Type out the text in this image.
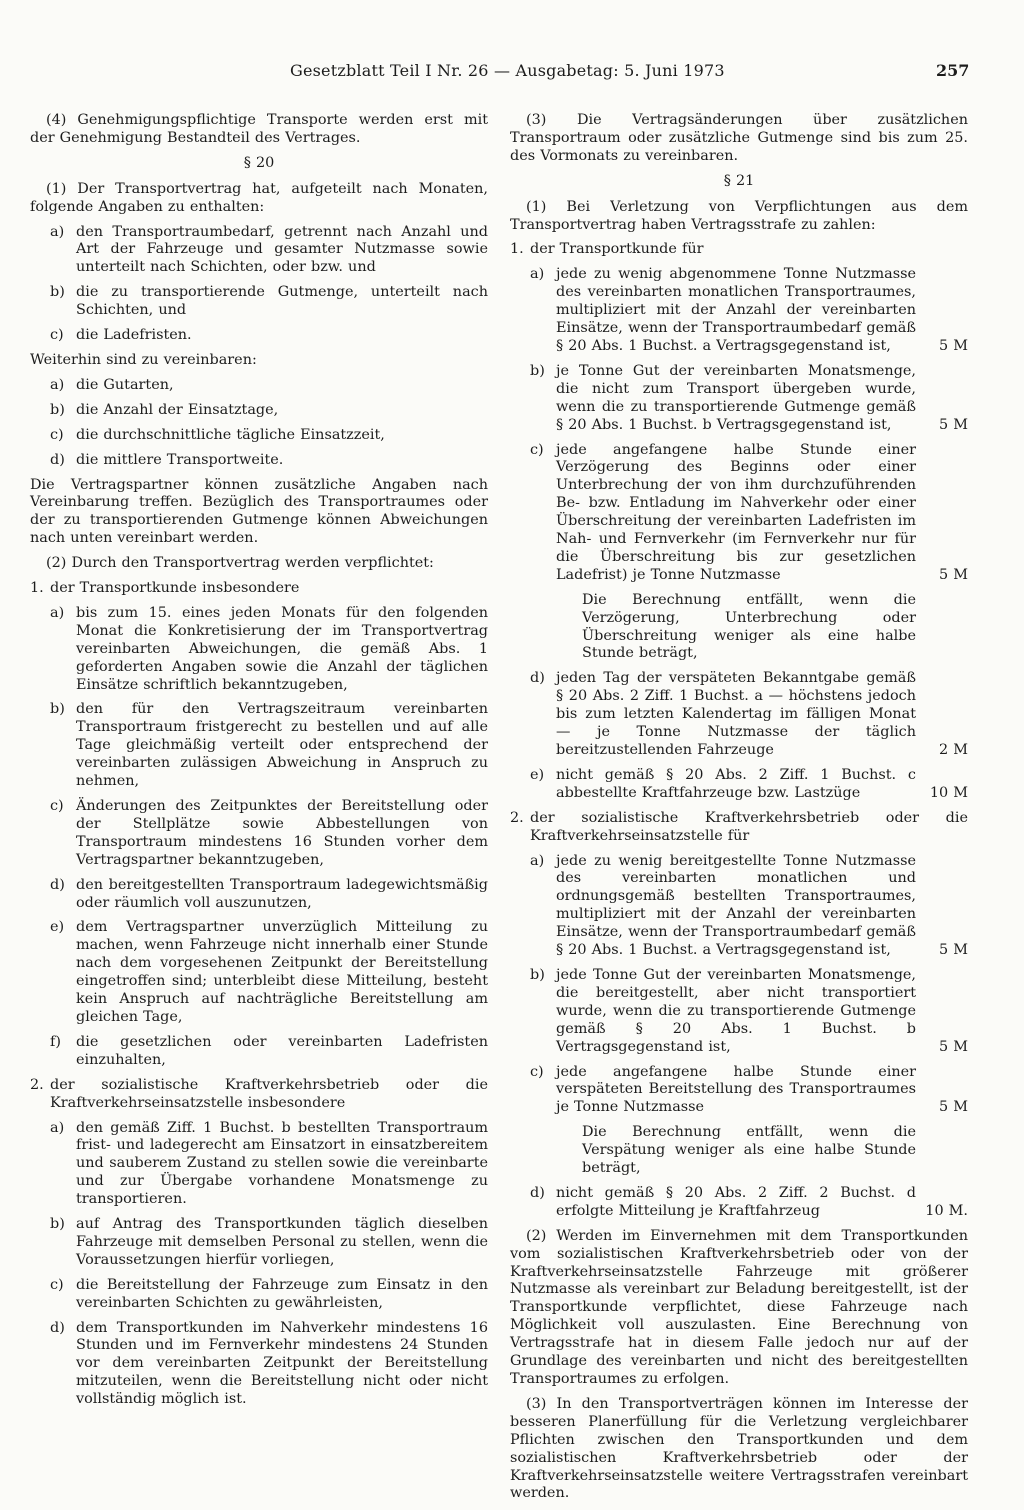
Gesetzblatt Teil I Nr. 26 — Ausgabetag: 5. Juni 1973	257
(4) Genehmigungspflichtige Transporte werden erst mit der Genehmigung Bestandteil des Vertrages.
§ 20
(1) Der Transportvertrag hat, aufgeteilt nach Monaten, folgende Angaben zu enthalten:
a) den Transportraumbedarf, getrennt nach Anzahl und Art der Fahrzeuge und gesamter Nutzmasse sowie unterteilt nach Schichten, oder bzw. und
b) die zu transportierende Gutmenge, unterteilt nach Schichten, und
c) die Ladefristen.
Weiterhin sind zu vereinbaren:
a) die Gutarten,
b) die Anzahl der Einsatztage,
c) die durchschnittliche tägliche Einsatzzeit,
d) die mittlere Transportweite.
Die Vertragspartner können zusätzliche Angaben nach Vereinbarung treffen. Bezüglich des Transportraumes oder der zu transportierenden Gutmenge können Abweichungen nach unten vereinbart werden.
(2) Durch den Transportvertrag werden verpflichtet:
1. der Transportkunde insbesondere
a) bis zum 15. eines jeden Monats für den folgenden Monat die Konkretisierung der im Transportvertrag vereinbarten Abweichungen, die gemäß Abs. 1 geforderten Angaben sowie die Anzahl der täglichen Einsätze schriftlich bekanntzugeben,
b) den für den Vertragszeitraum vereinbarten Transportraum fristgerecht zu bestellen und auf alle Tage gleichmäßig verteilt oder entsprechend der vereinbarten zulässigen Abweichung in Anspruch zu nehmen,
c) Änderungen des Zeitpunktes der Bereitstellung oder der Stellplätze sowie Abbestellungen von Transportraum mindestens 16 Stunden vorher dem Vertragspartner bekanntzugeben,
d) den bereitgestellten Transportraum ladegewichtsmäßig oder räumlich voll auszunutzen,
e) dem Vertragspartner unverzüglich Mitteilung zu machen, wenn Fahrzeuge nicht innerhalb einer Stunde nach dem vorgesehenen Zeitpunkt der Bereitstellung eingetroffen sind; unterbleibt diese Mitteilung, besteht kein Anspruch auf nachträgliche Bereitstellung am gleichen Tage,
f)	die gesetzlichen oder vereinbarten Ladefristen einzuhalten,
2. der sozialistische Kraftverkehrsbetrieb oder die Kraftverkehrseinsatzstelle insbesondere
a) den gemäß Ziff. 1 Buchst. b bestellten Transportraum frist- und ladegerecht am Einsatzort in einsatzbereitem und sauberem Zustand zu stellen sowie die vereinbarte und zur Übergabe vorhandene Monatsmenge zu transportieren.
b) auf Antrag des Transportkunden täglich dieselben Fahrzeuge mit demselben Personal zu stellen, wenn die Voraussetzungen hierfür vorliegen,
c) die Bereitstellung der Fahrzeuge zum Einsatz in den vereinbarten Schichten zu gewährleisten,
d) dem Transportkunden im Nahverkehr mindestens 16 Stunden und im Fernverkehr mindestens 24 Stunden vor dem vereinbarten Zeitpunkt der Bereitstellung mitzuteilen, wenn die Bereitstellung nicht oder nicht vollständig möglich ist.
(3) Die Vertragsänderungen über zusätzlichen Transportraum oder zusätzliche Gutmenge sind bis zum 25. des Vormonats zu vereinbaren.
§ 21
(1) Bei Verletzung von Verpflichtungen aus dem Transportvertrag haben Vertragsstrafe zu zahlen:
1. der Transportkunde für
a) jede zu wenig abgenommene Tonne Nutzmasse des vereinbarten monatlichen Transportraumes, multipliziert mit der Anzahl der vereinbarten Einsätze, wenn der Transportraumbedarf gemäß § 20 Abs. 1 Buchst. a Vertragsgegenstand ist,	5 M
b) je Tonne Gut der vereinbarten Monatsmenge, die nicht zum Transport übergeben wurde, wenn die zu transportierende Gutmenge gemäß § 20 Abs. 1 Buchst. b Vertragsgegenstand ist,	5 M
c) jede angefangene halbe Stunde einer Verzögerung des Beginns oder einer Unterbrechung der von ihm durchzuführenden Be- bzw. Entladung im Nahverkehr oder einer Überschreitung der vereinbarten Ladefristen im Nah- und Fernverkehr (im Fernverkehr nur für die Überschreitung bis zur gesetzlichen Ladefrist) je Tonne Nutzmasse	5 M
Die Berechnung entfällt, wenn die Verzögerung, Unterbrechung oder Überschreitung weniger als eine halbe Stunde beträgt,
d) jeden Tag der verspäteten Bekanntgabe gemäß § 20 Abs. 2 Ziff. 1 Buchst. a — höchstens jedoch bis zum letzten Kalendertag im fälligen Monat — je Tonne Nutzmasse der täglich bereitzustellenden Fahrzeuge	2 M
e) nicht gemäß § 20 Abs. 2 Ziff. 1 Buchst. c abbestellte Kraftfahrzeuge bzw. Lastzüge	10 M
2. der sozialistische Kraftverkehrsbetrieb oder die Kraftverkehrseinsatzstelle für
a) jede zu wenig bereitgestellte Tonne Nutzmasse des vereinbarten monatlichen und ordnungsgemäß bestellten Transportraumes, multipliziert mit der Anzahl der vereinbarten Einsätze, wenn der Transportraumbedarf gemäß § 20 Abs. 1 Buchst. a Vertragsgegenstand ist,	5 M
b) jede Tonne Gut der vereinbarten Monatsmenge, die bereitgestellt, aber nicht transportiert wurde, wenn die zu transportierende Gutmenge gemäß § 20 Abs. 1 Buchst. b Vertragsgegenstand ist,	5 M
c) jede angefangene halbe Stunde einer verspäteten Bereitstellung des Transportraumes je Tonne Nutzmasse	5 M
Die Berechnung entfällt, wenn die Verspätung weniger als eine halbe Stunde beträgt,
d) nicht gemäß § 20 Abs. 2 Ziff. 2 Buchst. d erfolgte Mitteilung je Kraftfahrzeug	10 M.
(2) Werden im Einvernehmen mit dem Transportkunden vom sozialistischen Kraftverkehrsbetrieb oder von der Kraftverkehrseinsatzstelle Fahrzeuge mit größerer Nutzmasse als vereinbart zur Beladung bereitgestellt, ist der Transportkunde verpflichtet, diese Fahrzeuge nach Möglichkeit voll auszulasten. Eine Berechnung von Vertragsstrafe hat in diesem Falle jedoch nur auf der Grundlage des vereinbarten und nicht des bereitgestellten Transportraumes zu erfolgen.
(3) In den Transportverträgen können im Interesse der besseren Planerfüllung für die Verletzung vergleichbarer Pflichten zwischen den Transportkunden und dem sozialistischen Kraftverkehrsbetrieb oder der Kraftverkehrseinsatzstelle weitere Vertragsstrafen vereinbart werden.
